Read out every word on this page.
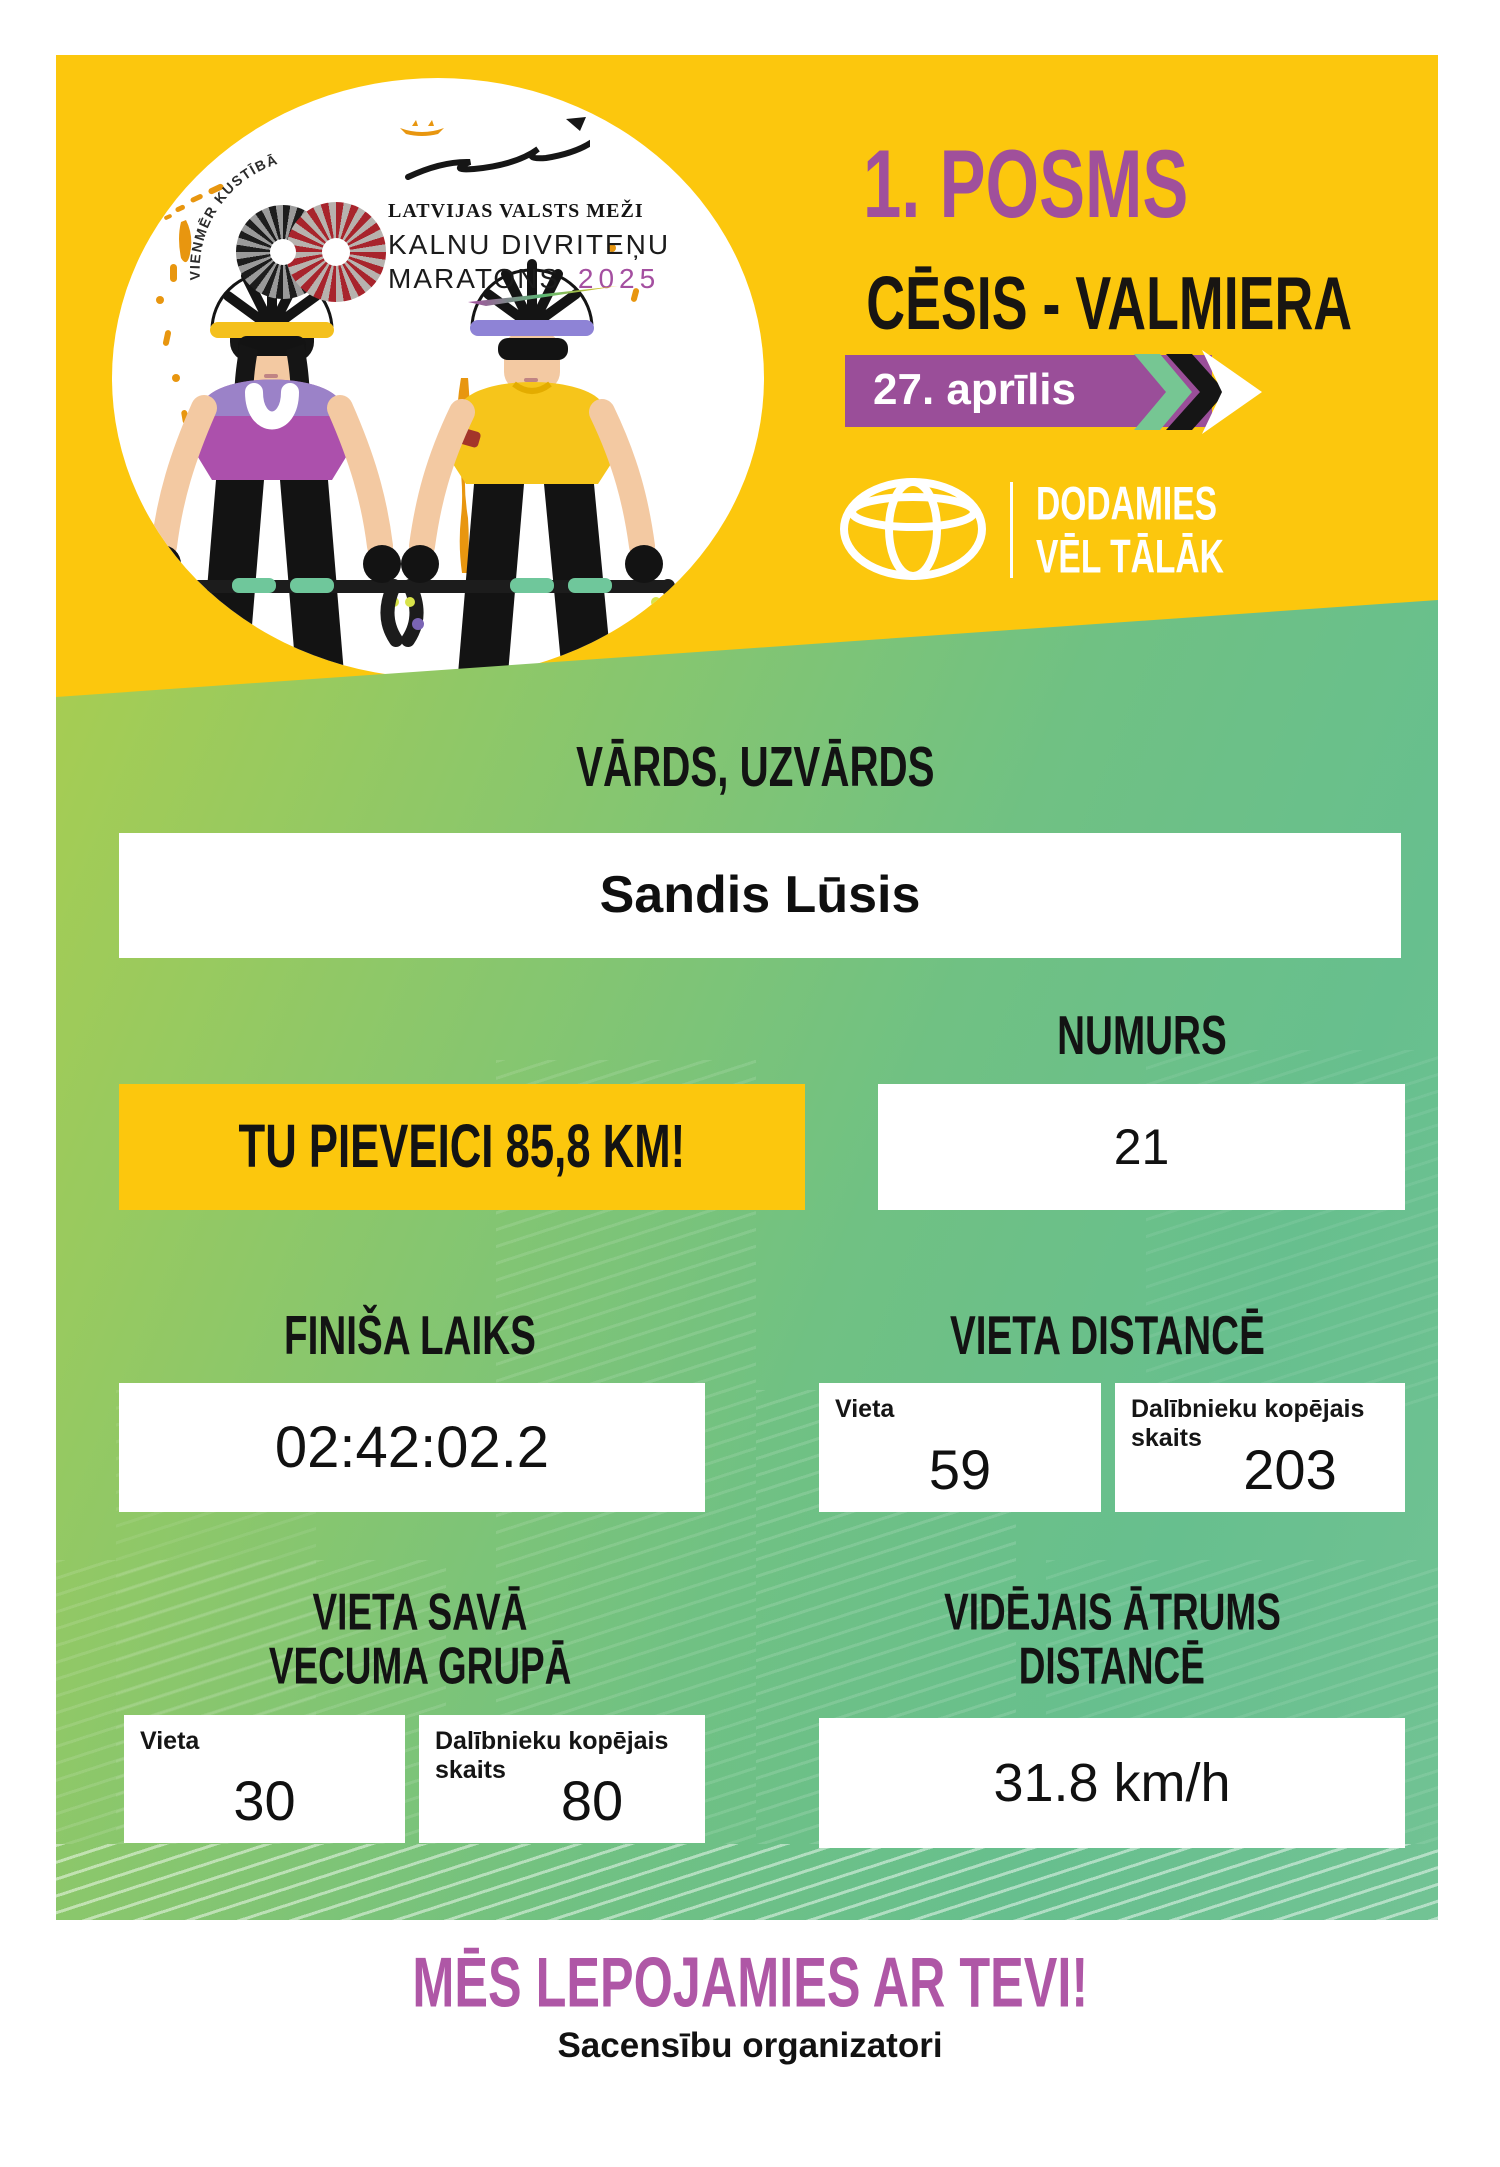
VIENMĒR KUSTĪBĀ
LATVIJAS VALSTS MEŽI
KALNU DIVRITEŅU
MARATONS 2025
1. POSMS
CĒSIS - VALMIERA
27. aprīlis
DODAMIES
VĒL TĀLĀK
VĀRDS, UZVĀRDS
Sandis Lūsis
NUMURS
21
TU PIEVEICI 85,8 KM!
FINIŠA LAIKS
02:42:02.2
VIETA DISTANCĒ
Vieta
59
Dalībnieku kopējais skaits 203
VIETA SAVĀ
VECUMA GRUPĀ
Vieta
30
Dalībnieku kopējais skaits 80
VIDĒJAIS ĀTRUMS
DISTANCĒ
31.8 km/h
MĒS LEPOJAMIES AR TEVI!
Sacensību organizatori
